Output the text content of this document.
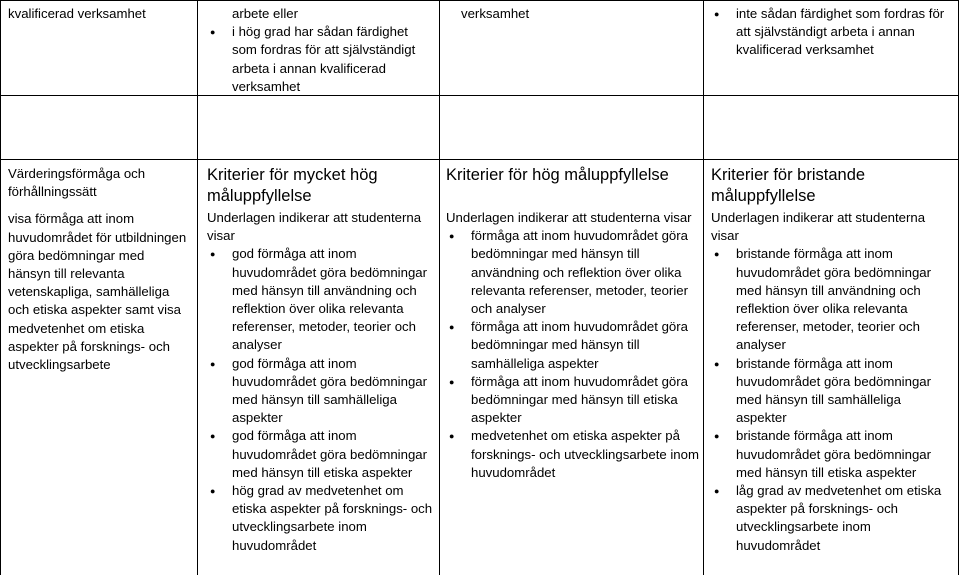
kvalificerad verksamhet	arbete eller
● i hög grad har sådan färdighet som fordras för att självständigt arbeta i annan kvalificerad verksamhet
verksamhet
●	inte sådan färdighet som fordras för att självständigt arbeta i annan kvalificerad verksamhet
Värderingsförmåga och förhållningssätt
visa förmåga att inom huvudområdet för utbildningen göra bedömningar med hänsyn till relevanta vetenskapliga, samhälleliga och etiska aspekter samt visa medvetenhet om etiska aspekter på forsknings- och utvecklingsarbete
Kriterier för mycket hög måluppfyllelse

Underlagen indikerar att studenterna visar

● god förmåga att inom huvudområdet göra bedömningar med hänsyn till användning och reflektion över olika relevanta referenser, metoder, teorier och analyser
● god förmåga att inom huvudområdet göra bedömningar med hänsyn till samhälleliga aspekter
● god förmåga att inom huvudområdet göra bedömningar med hänsyn till etiska aspekter
● hög grad av medvetenhet om etiska aspekter på forsknings- och utvecklingsarbete inom huvudområdet
Kriterier för hög måluppfyllelse

Underlagen indikerar att studenterna visar

● förmåga att inom huvudområdet göra bedömningar med hänsyn till användning och reflektion över olika relevanta referenser, metoder, teorier och analyser
● förmåga att inom huvudområdet göra bedömningar med hänsyn till samhälleliga aspekter
● förmåga att inom huvudområdet göra bedömningar med hänsyn till etiska aspekter
● medvetenhet om etiska aspekter på forsknings- och utvecklingsarbete inom huvudområdet
Kriterier för bristande måluppfyllelse

Underlagen indikerar att studenterna visar

● bristande förmåga att inom huvudområdet göra bedömningar med hänsyn till användning och reflektion över olika relevanta referenser, metoder, teorier och analyser
● bristande förmåga att inom huvudområdet göra bedömningar med hänsyn till samhälleliga aspekter
● bristande förmåga att inom huvudområdet göra bedömningar med hänsyn till etiska aspekter
● låg grad av medvetenhet om etiska aspekter på forsknings- och utvecklingsarbete inom huvudområdet
